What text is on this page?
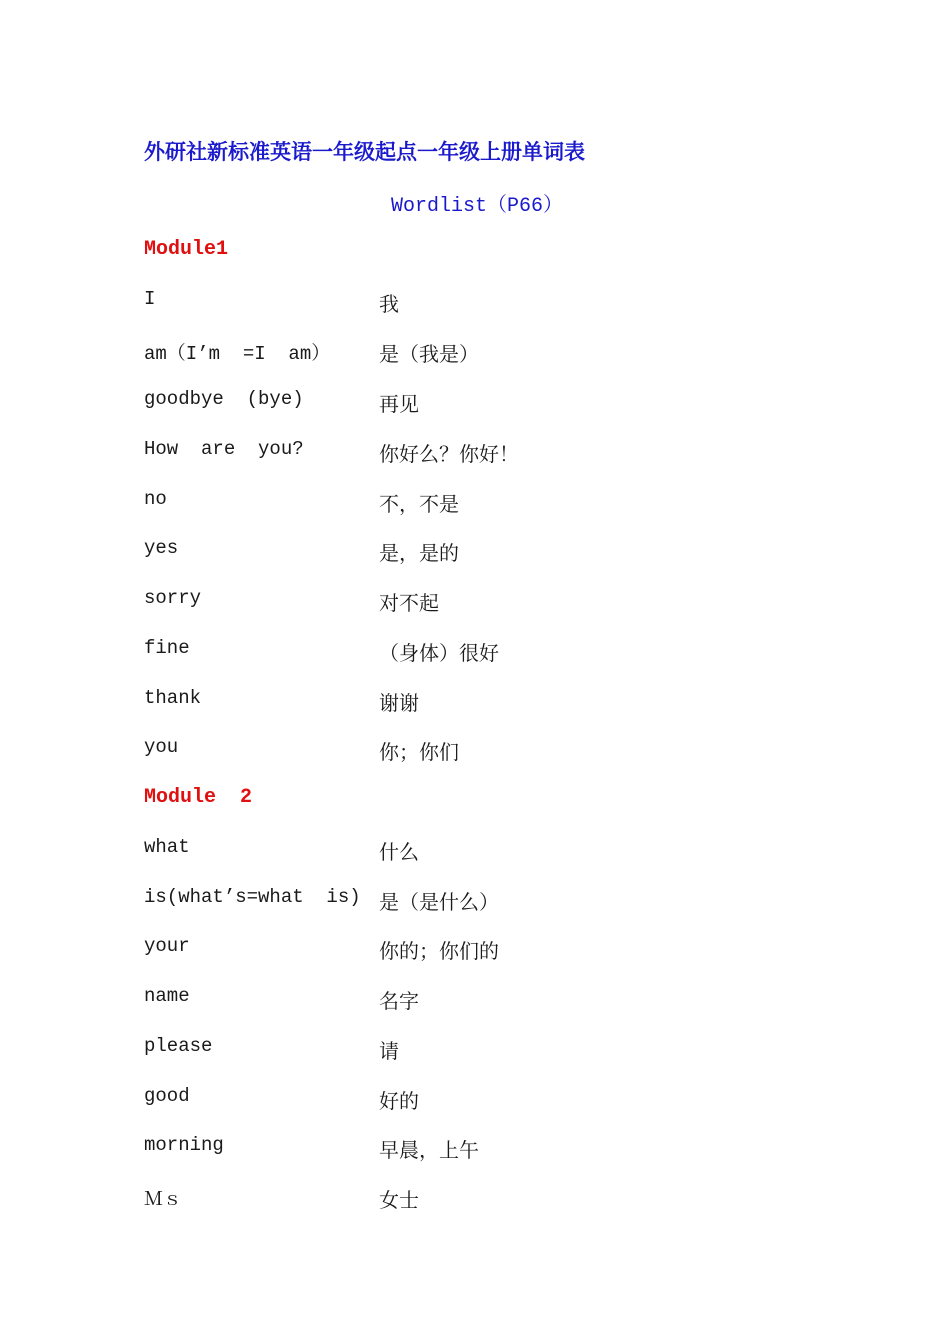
外研社新标准英语一年级起点一年级上册单词表
Wordlist（P66）
Module1
I	我
am（I’m  =I  am） 是（我是）
goodbye  (bye)	再见
How  are  you?	你好么？你好！
no	不，不是
yes	是，是的
sorry	对不起
fine	（身体）很好
thank	谢谢
you	你；你们
Module  2
what	什么
is(what’s=what  is) 是（是什么）
your	你的；你们的
name	名字
please	请
good	好的
morning	早晨，上午
Ｍｓ	女士
